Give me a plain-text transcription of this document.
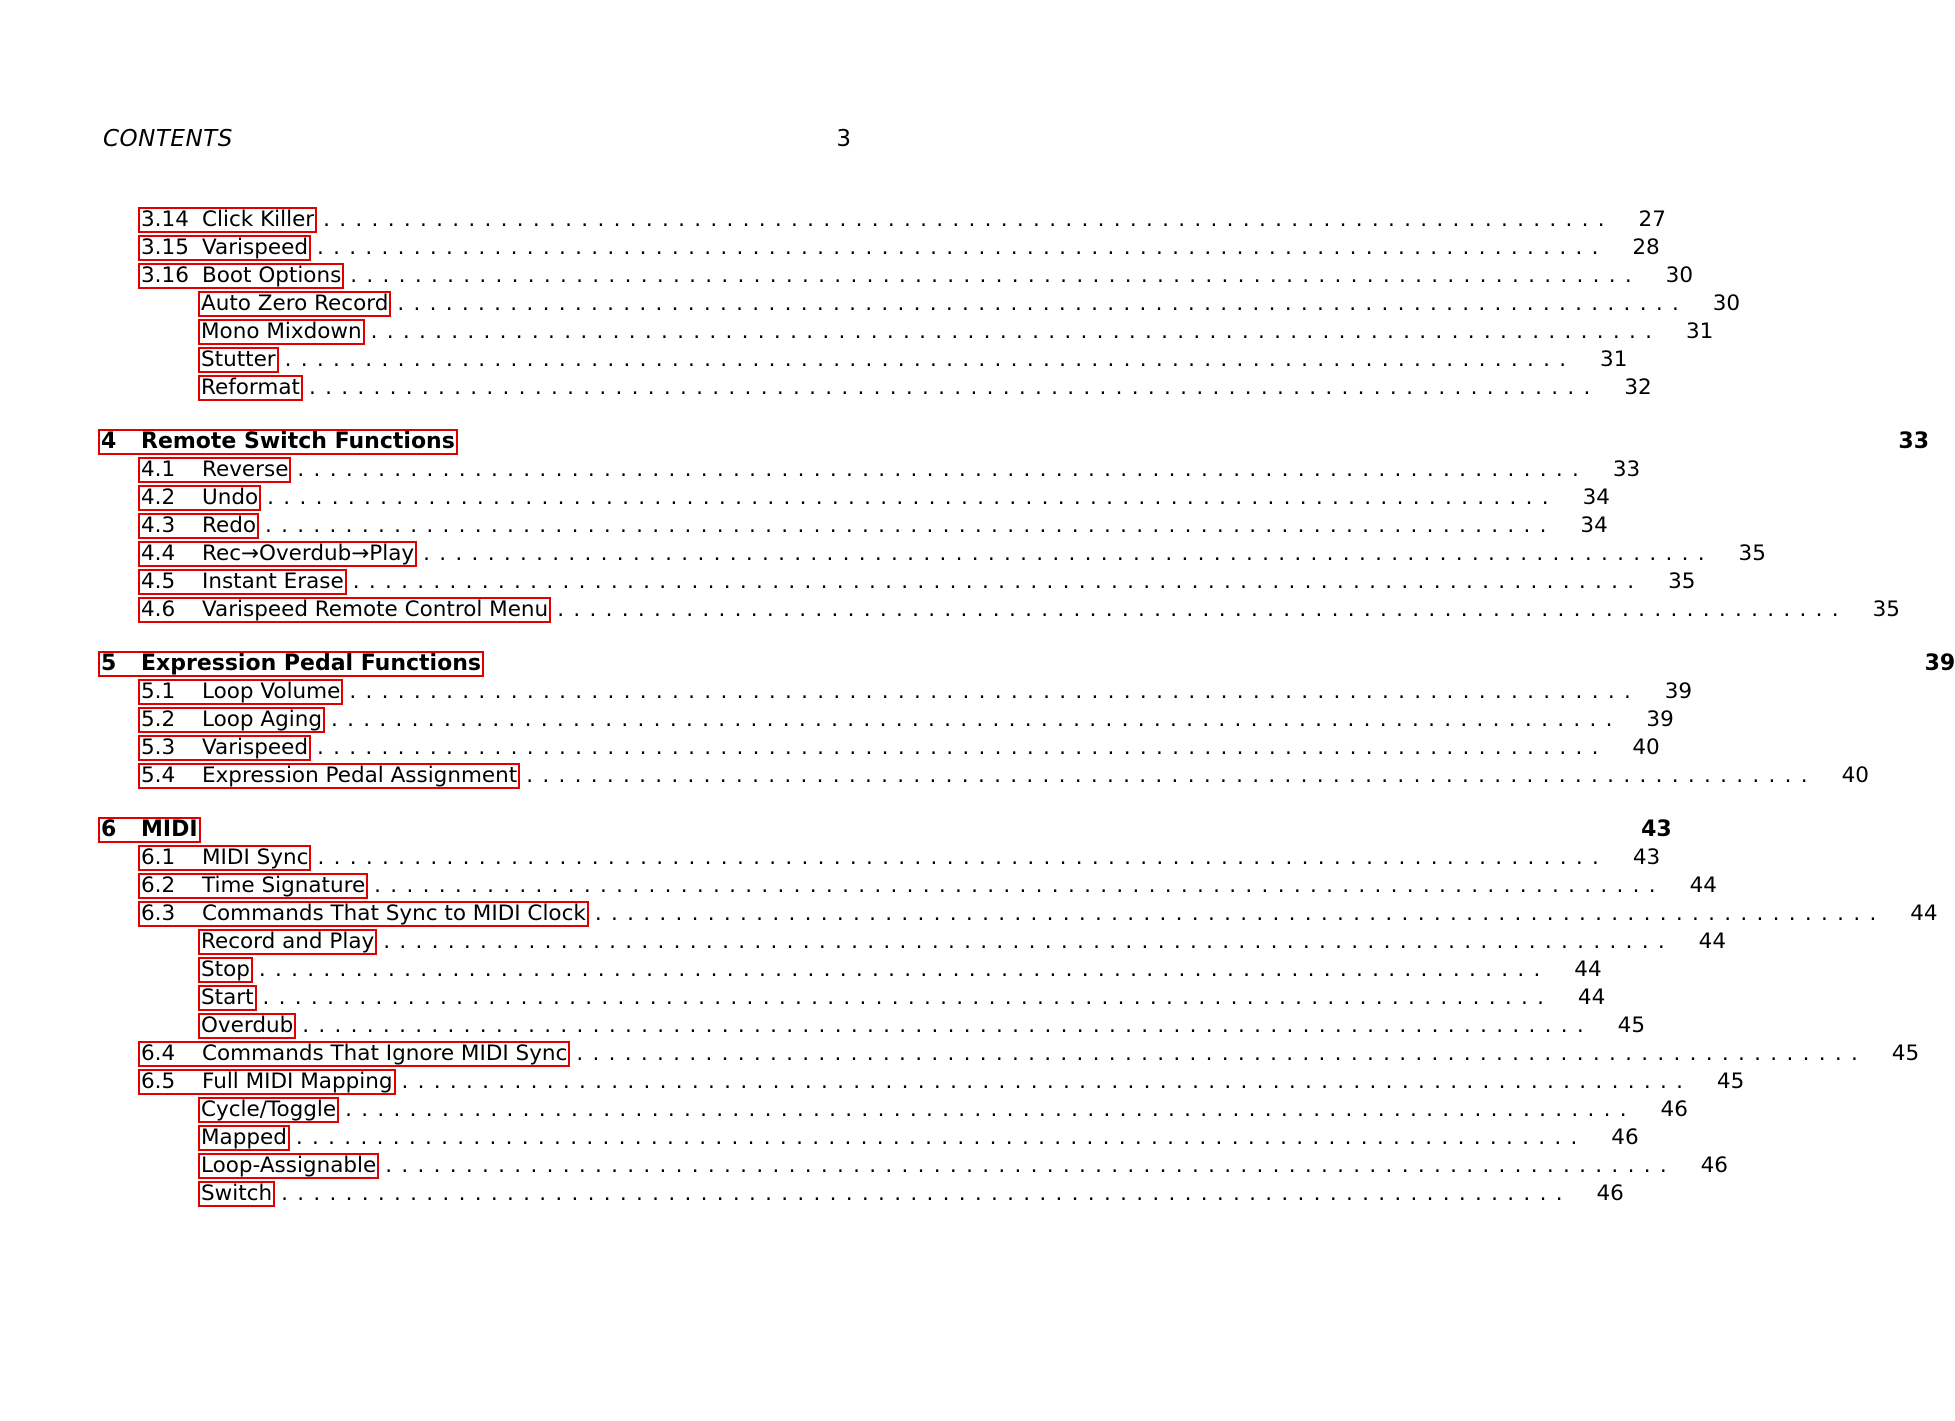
CONTENTS	3
3.14 Click Killer ................................................................................ 27
3.15 Varispeed ................................................................................ 28
3.16 Boot Options ................................................................................ 30
Auto Zero Record ................................................................................ 30
Mono Mixdown ................................................................................ 31
Stutter ................................................................................ 31
Reformat ................................................................................ 32
4	Remote Switch Functions	33
4.1	Reverse ................................................................................ 33
4.2	Undo ................................................................................ 34
4.3	Redo ................................................................................ 34
4.4	Rec→Overdub→Play ................................................................................ 35
4.5	Instant Erase ................................................................................ 35
4.6	Varispeed Remote Control Menu ................................................................................ 35
5	Expression Pedal Functions	39
5.1	Loop Volume ................................................................................ 39
5.2	Loop Aging ................................................................................ 39
5.3	Varispeed ................................................................................ 40
5.4	Expression Pedal Assignment ................................................................................ 40
6	MIDI	43
6.1	MIDI Sync ................................................................................ 43
6.2	Time Signature ................................................................................ 44
6.3	Commands That Sync to MIDI Clock ................................................................................ 44
Record and Play ................................................................................ 44
Stop ................................................................................ 44
Start ................................................................................ 44
Overdub ................................................................................ 45
6.4	Commands That Ignore MIDI Sync ................................................................................ 45
6.5	Full MIDI Mapping ................................................................................ 45
Cycle/Toggle ................................................................................ 46
Mapped ................................................................................ 46
Loop-Assignable ................................................................................ 46
Switch ................................................................................ 46
